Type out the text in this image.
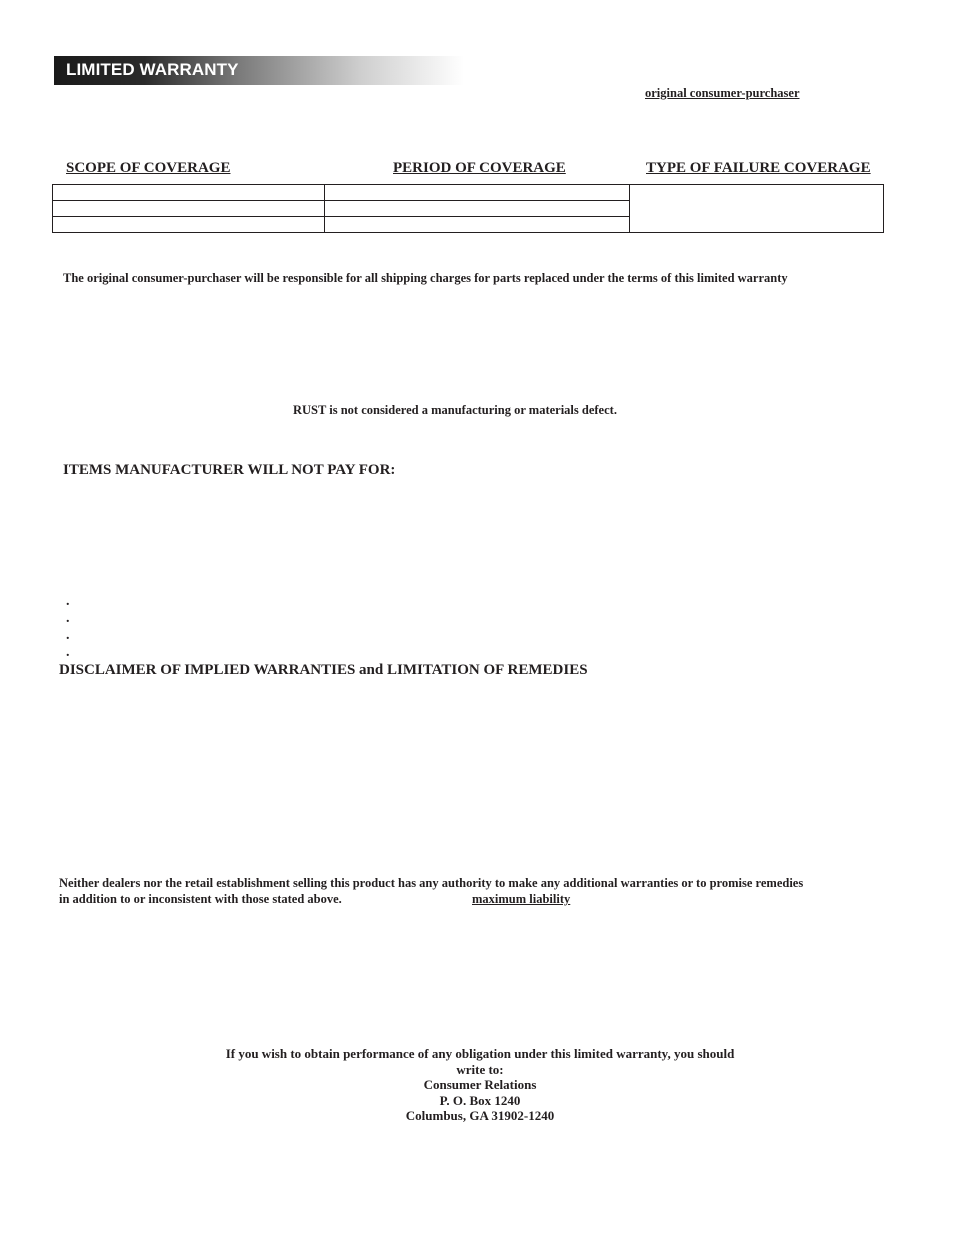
LIMITED WARRANTY
original consumer-purchaser
SCOPE OF COVERAGE	PERIOD OF COVERAGE	TYPE OF FAILURE COVERAGE
The original consumer-purchaser will be responsible for all shipping charges for parts replaced under the terms of this limited warranty
RUST is not considered a manufacturing or materials defect.
ITEMS MANUFACTURER WILL NOT PAY FOR:
.
.
.
.
DISCLAIMER OF IMPLIED WARRANTIES and LIMITATION OF REMEDIES
Neither dealers nor the retail establishment selling this product has any authority to make any additional warranties or to promise remedies
in addition to or inconsistent with those stated above.	maximum liability
If you wish to obtain performance of any obligation under this limited warranty, you should
write to:
Consumer Relations
P. O. Box 1240
Columbus, GA 31902-1240
